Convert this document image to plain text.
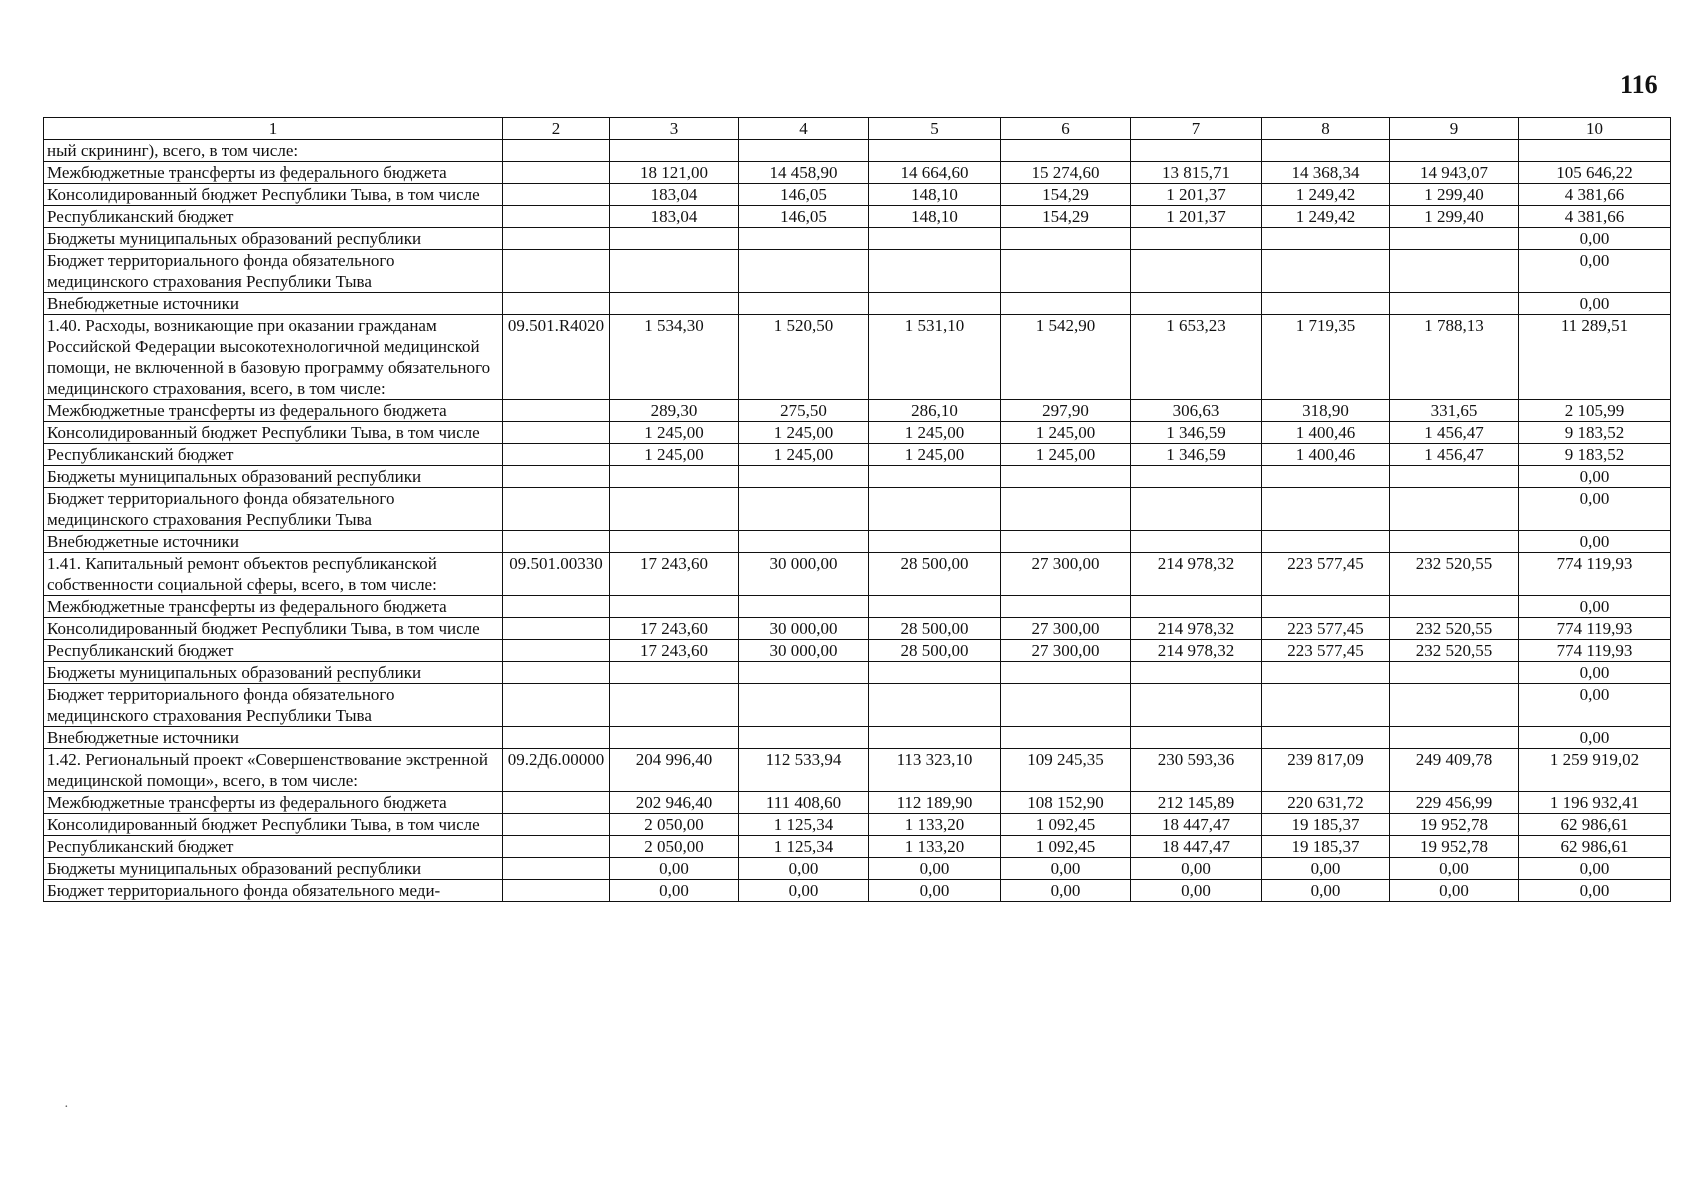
116
1	2	3	4	5	6	7	8	9	10
ный скрининг), всего, в том числе:									
Межбюджетные трансферты из федерального бюджета		18 121,00	14 458,90	14 664,60	15 274,60	13 815,71	14 368,34	14 943,07	105 646,22
Консолидированный бюджет Республики Тыва, в том числе		183,04	146,05	148,10	154,29	1 201,37	1 249,42	1 299,40	4 381,66
Республиканский бюджет		183,04	146,05	148,10	154,29	1 201,37	1 249,42	1 299,40	4 381,66
Бюджеты муниципальных образований республики									0,00
Бюджет территориального фонда обязательного медицинского страхования Республики Тыва									0,00
Внебюджетные источники									0,00
1.40. Расходы, возникающие при оказании гражданам Российской Федерации высокотехнологичной медицинской помощи, не включенной в базовую программу обязательного медицинского страхования, всего, в том числе:	09.501.R4020	1 534,30	1 520,50	1 531,10	1 542,90	1 653,23	1 719,35	1 788,13	11 289,51
Межбюджетные трансферты из федерального бюджета		289,30	275,50	286,10	297,90	306,63	318,90	331,65	2 105,99
Консолидированный бюджет Республики Тыва, в том числе		1 245,00	1 245,00	1 245,00	1 245,00	1 346,59	1 400,46	1 456,47	9 183,52
Республиканский бюджет		1 245,00	1 245,00	1 245,00	1 245,00	1 346,59	1 400,46	1 456,47	9 183,52
Бюджеты муниципальных образований республики									0,00
Бюджет территориального фонда обязательного медицинского страхования Республики Тыва									0,00
Внебюджетные источники									0,00
1.41. Капитальный ремонт объектов республиканской собственности социальной сферы, всего, в том числе:	09.501.00330	17 243,60	30 000,00	28 500,00	27 300,00	214 978,32	223 577,45	232 520,55	774 119,93
Межбюджетные трансферты из федерального бюджета									0,00
Консолидированный бюджет Республики Тыва, в том числе		17 243,60	30 000,00	28 500,00	27 300,00	214 978,32	223 577,45	232 520,55	774 119,93
Республиканский бюджет		17 243,60	30 000,00	28 500,00	27 300,00	214 978,32	223 577,45	232 520,55	774 119,93
Бюджеты муниципальных образований республики									0,00
Бюджет территориального фонда обязательного медицинского страхования Республики Тыва									0,00
Внебюджетные источники									0,00
1.42. Региональный проект «Совершенствование экстренной медицинской помощи», всего, в том числе:	09.2Д6.00000	204 996,40	112 533,94	113 323,10	109 245,35	230 593,36	239 817,09	249 409,78	1 259 919,02
Межбюджетные трансферты из федерального бюджета		202 946,40	111 408,60	112 189,90	108 152,90	212 145,89	220 631,72	229 456,99	1 196 932,41
Консолидированный бюджет Республики Тыва, в том числе		2 050,00	1 125,34	1 133,20	1 092,45	18 447,47	19 185,37	19 952,78	62 986,61
Республиканский бюджет		2 050,00	1 125,34	1 133,20	1 092,45	18 447,47	19 185,37	19 952,78	62 986,61
Бюджеты муниципальных образований республики		0,00	0,00	0,00	0,00	0,00	0,00	0,00	0,00
Бюджет территориального фонда обязательного меди-		0,00	0,00	0,00	0,00	0,00	0,00	0,00	0,00
·
